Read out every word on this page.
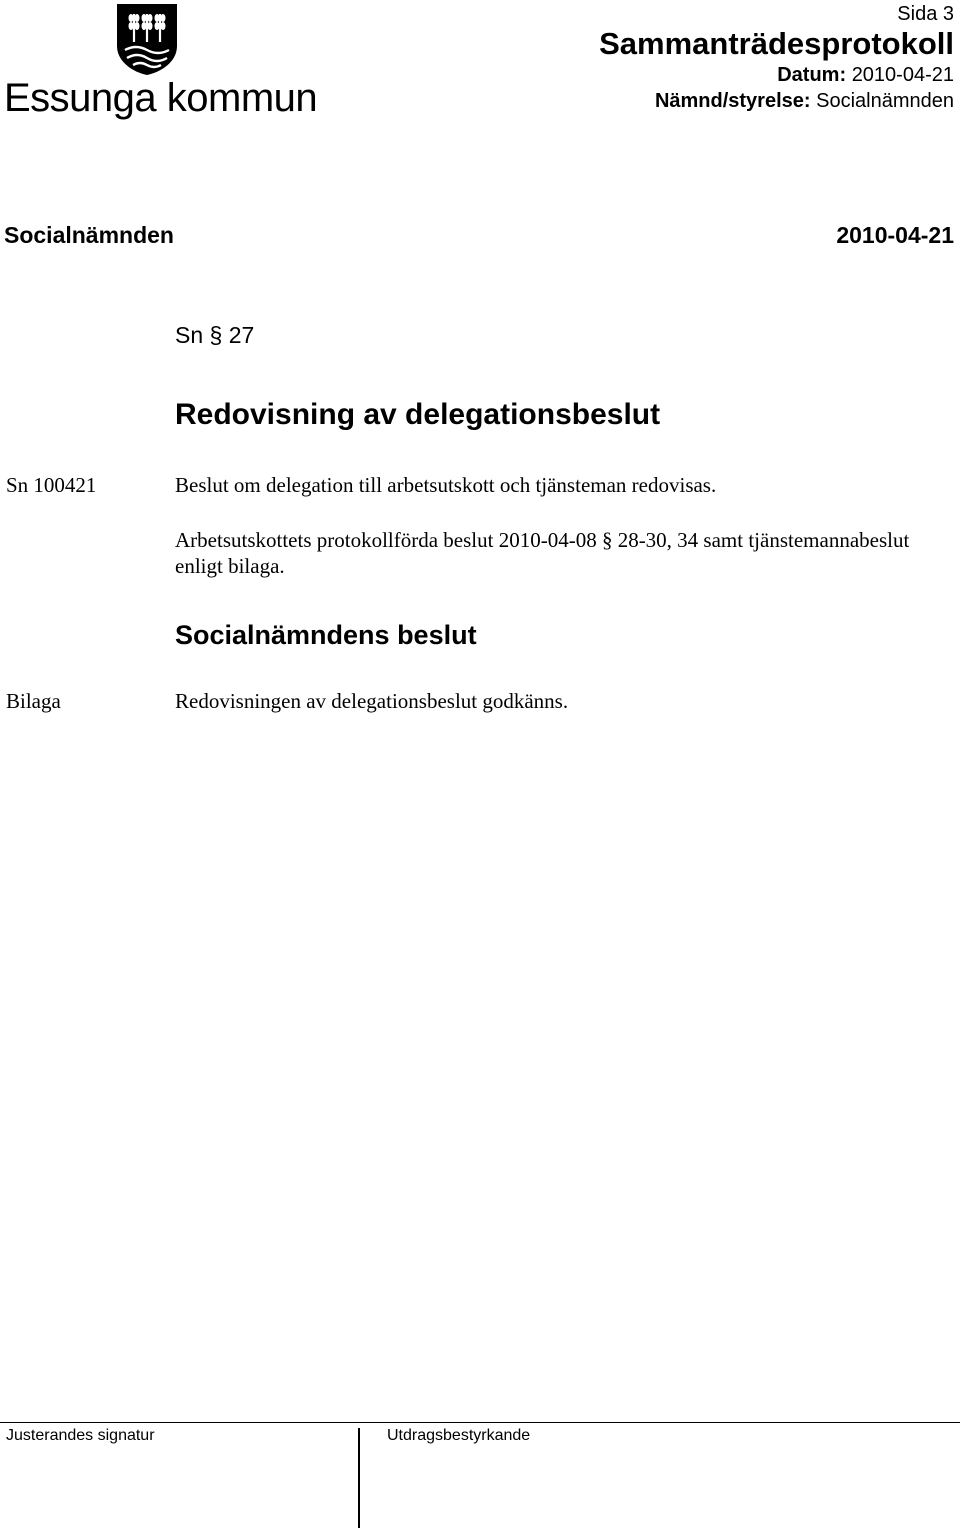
Essunga kommun
Sida 3
Sammanträdesprotokoll
Datum: 2010-04-21
Nämnd/styrelse: Socialnämnden
Socialnämnden	2010-04-21
Sn § 27
Redovisning av delegationsbeslut
Sn 100421	Beslut om delegation till arbetsutskott och tjänsteman redovisas.
Arbetsutskottets protokollförda beslut 2010-04-08 § 28-30, 34 samt tjänstemannabeslut enligt bilaga.
Socialnämndens beslut
Bilaga	Redovisningen av delegationsbeslut godkänns.
Justerandes signatur	Utdragsbestyrkande
